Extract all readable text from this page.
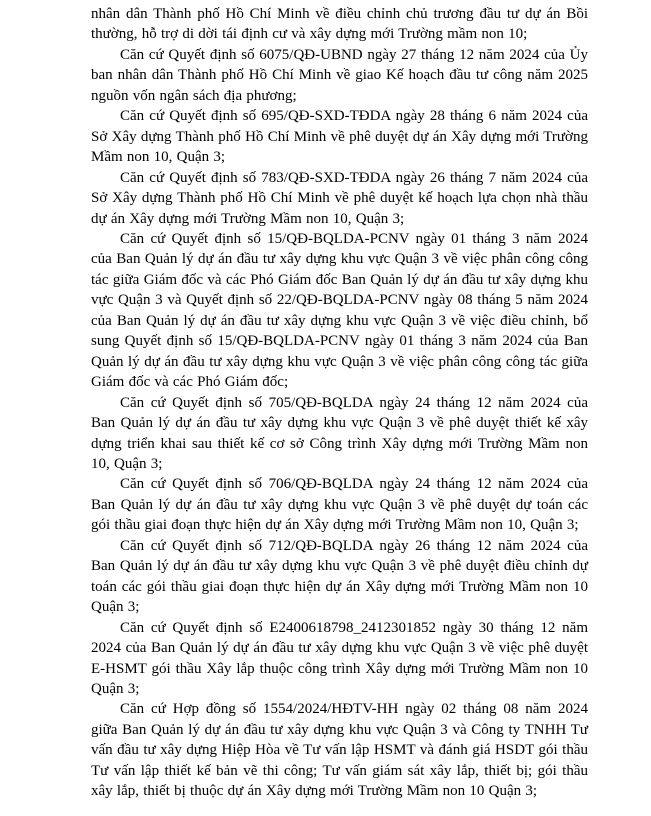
nhân dân Thành phố Hồ Chí Minh về điều chỉnh chủ trương đầu tư dự án Bồi thường, hỗ trợ di dời tái định cư và xây dựng mới Trường mầm non 10;

Căn cứ Quyết định số 6075/QĐ-UBND ngày 27 tháng 12 năm 2024 của Ủy ban nhân dân Thành phố Hồ Chí Minh về giao Kế hoạch đầu tư công năm 2025 nguồn vốn ngân sách địa phương;

Căn cứ Quyết định số 695/QĐ-SXD-TĐDA ngày 28 tháng 6 năm 2024 của Sở Xây dựng Thành phố Hồ Chí Minh về phê duyệt dự án Xây dựng mới Trường Mầm non 10, Quận 3;

Căn cứ Quyết định số 783/QĐ-SXD-TĐDA ngày 26 tháng 7 năm 2024 của Sở Xây dựng Thành phố Hồ Chí Minh về phê duyệt kế hoạch lựa chọn nhà thầu dự án Xây dựng mới Trường Mầm non 10, Quận 3;

Căn cứ Quyết định số 15/QĐ-BQLDA-PCNV ngày 01 tháng 3 năm 2024 của Ban Quản lý dự án đầu tư xây dựng khu vực Quận 3 về việc phân công công tác giữa Giám đốc và các Phó Giám đốc Ban Quản lý dự án đầu tư xây dựng khu vực Quận 3 và Quyết định số 22/QĐ-BQLDA-PCNV ngày 08 tháng 5 năm 2024 của Ban Quản lý dự án đầu tư xây dựng khu vực Quận 3 về việc điều chỉnh, bổ sung Quyết định số 15/QĐ-BQLDA-PCNV ngày 01 tháng 3 năm 2024 của Ban Quản lý dự án đầu tư xây dựng khu vực Quận 3 về việc phân công công tác giữa Giám đốc và các Phó Giám đốc;

Căn cứ Quyết định số 705/QĐ-BQLDA ngày 24 tháng 12 năm 2024 của Ban Quản lý dự án đầu tư xây dựng khu vực Quận 3 về phê duyệt thiết kế xây dựng triển khai sau thiết kế cơ sở Công trình Xây dựng mới Trường Mầm non 10, Quận 3;

Căn cứ Quyết định số 706/QĐ-BQLDA ngày 24 tháng 12 năm 2024 của Ban Quản lý dự án đầu tư xây dựng khu vực Quận 3 về phê duyệt dự toán các gói thầu giai đoạn thực hiện dự án Xây dựng mới Trường Mầm non 10, Quận 3;

Căn cứ Quyết định số 712/QĐ-BQLDA ngày 26 tháng 12 năm 2024 của Ban Quản lý dự án đầu tư xây dựng khu vực Quận 3 về phê duyệt điều chỉnh dự toán các gói thầu giai đoạn thực hiện dự án Xây dựng mới Trường Mầm non 10 Quận 3;

Căn cứ Quyết định số E2400618798_2412301852 ngày 30 tháng 12 năm 2024 của Ban Quản lý dự án đầu tư xây dựng khu vực Quận 3 về việc phê duyệt E-HSMT gói thầu Xây lắp thuộc công trình Xây dựng mới Trường Mầm non 10 Quận 3;

Căn cứ Hợp đồng số 1554/2024/HĐTV-HH ngày 02 tháng 08 năm 2024 giữa Ban Quản lý dự án đầu tư xây dựng khu vực Quận 3 và Công ty TNHH Tư vấn đầu tư xây dựng Hiệp Hòa về Tư vấn lập HSMT và đánh giá HSDT gói thầu Tư vấn lập thiết kế bản vẽ thi công; Tư vấn giám sát xây lắp, thiết bị; gói thầu xây lắp, thiết bị thuộc dự án Xây dựng mới Trường Mầm non 10 Quận 3;
